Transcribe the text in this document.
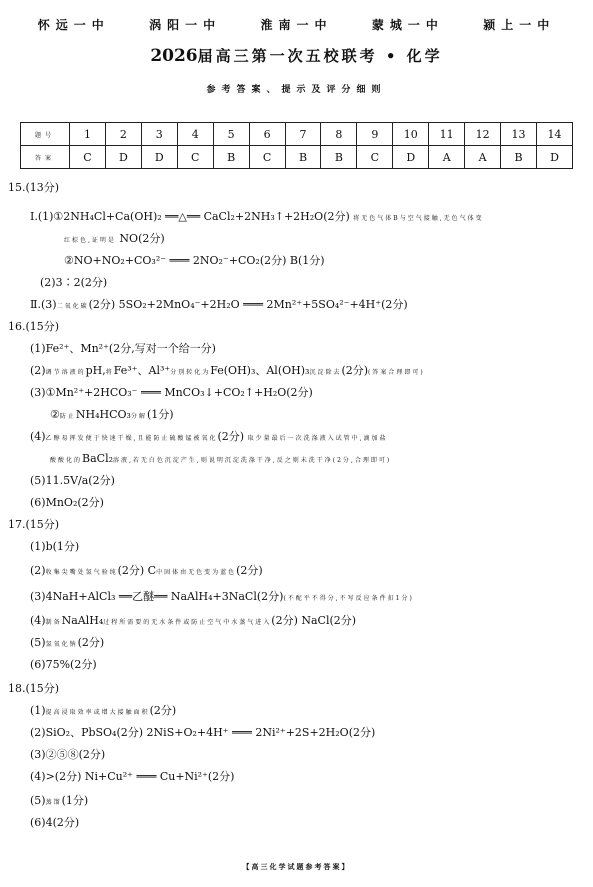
怀远一中	涡阳一中	淮南一中	蒙城一中	颍上一中
2026届高三第一次五校联考 • 化学
参考答案、提示及评分细则
题号	1	2	3	4	5	6	7	8	9	10	11	12	13	14
答案	C	D	D	C	B	C	B	B	C	D	A	A	B	D
15.(13分)
Ⅰ.(1)①2NH₄Cl+Ca(OH)₂ ══△══ CaCl₂+2NH₃↑+2H₂O(2分) 将无色气体B与空气接触,无色气体变
红棕色,证明是 NO(2分)
②NO+NO₂+CO₃²⁻ ═══ 2NO₂⁻+CO₂(2分) B(1分)
(2)3∶2(2分)
Ⅱ.(3)二氧化碳(2分) 5SO₂+2MnO₄⁻+2H₂O ═══ 2Mn²⁺+5SO₄²⁻+4H⁺(2分)
16.(15分)
(1)Fe²⁺、Mn²⁺(2分,写对一个给一分)
(2)调节溶液的pH,将Fe³⁺、Al³⁺分别转化为Fe(OH)₃、Al(OH)₃沉淀除去(2分)(答案合理即可)
(3)①Mn²⁺+2HCO₃⁻ ═══ MnCO₃↓+CO₂↑+H₂O(2分)
②防止NH₄HCO₃分解(1分)
(4)乙醇易挥发便于快速干燥,且能防止硫酸锰被氧化(2分) 取少量最后一次洗涤液入试管中,滴加盐
酸酸化的BaCl₂溶液,若无白色沉淀产生,则说明沉淀洗涤干净,反之则未洗干净(2分,合理即可)
(5)11.5V/a(2分)
(6)MnO₂(2分)
17.(15分)
(1)b(1分)
(2)收集尖嘴处氢气验纯(2分) C中固体由无色变为蓝色(2分)
(3)4NaH+AlCl₃ ══乙醚══ NaAlH₄+3NaCl(2分)(不配平不得分,不写反应条件扣1分)
(4)制备NaAlH₄过程所需要的无水条件或防止空气中水蒸气进入(2分) NaCl(2分)
(5)氢氧化钠(2分)
(6)75%(2分)
18.(15分)
(1)提高浸取效率或增大接触面积(2分)
(2)SiO₂、PbSO₄(2分) 2NiS+O₂+4H⁺ ═══ 2Ni²⁺+2S+2H₂O(2分)
(3)②⑤⑧(2分)
(4)>(2分) Ni+Cu²⁺ ═══ Cu+Ni²⁺(2分)
(5)蒸馏(1分)
(6)4(2分)
【高三化学试题参考答案】
